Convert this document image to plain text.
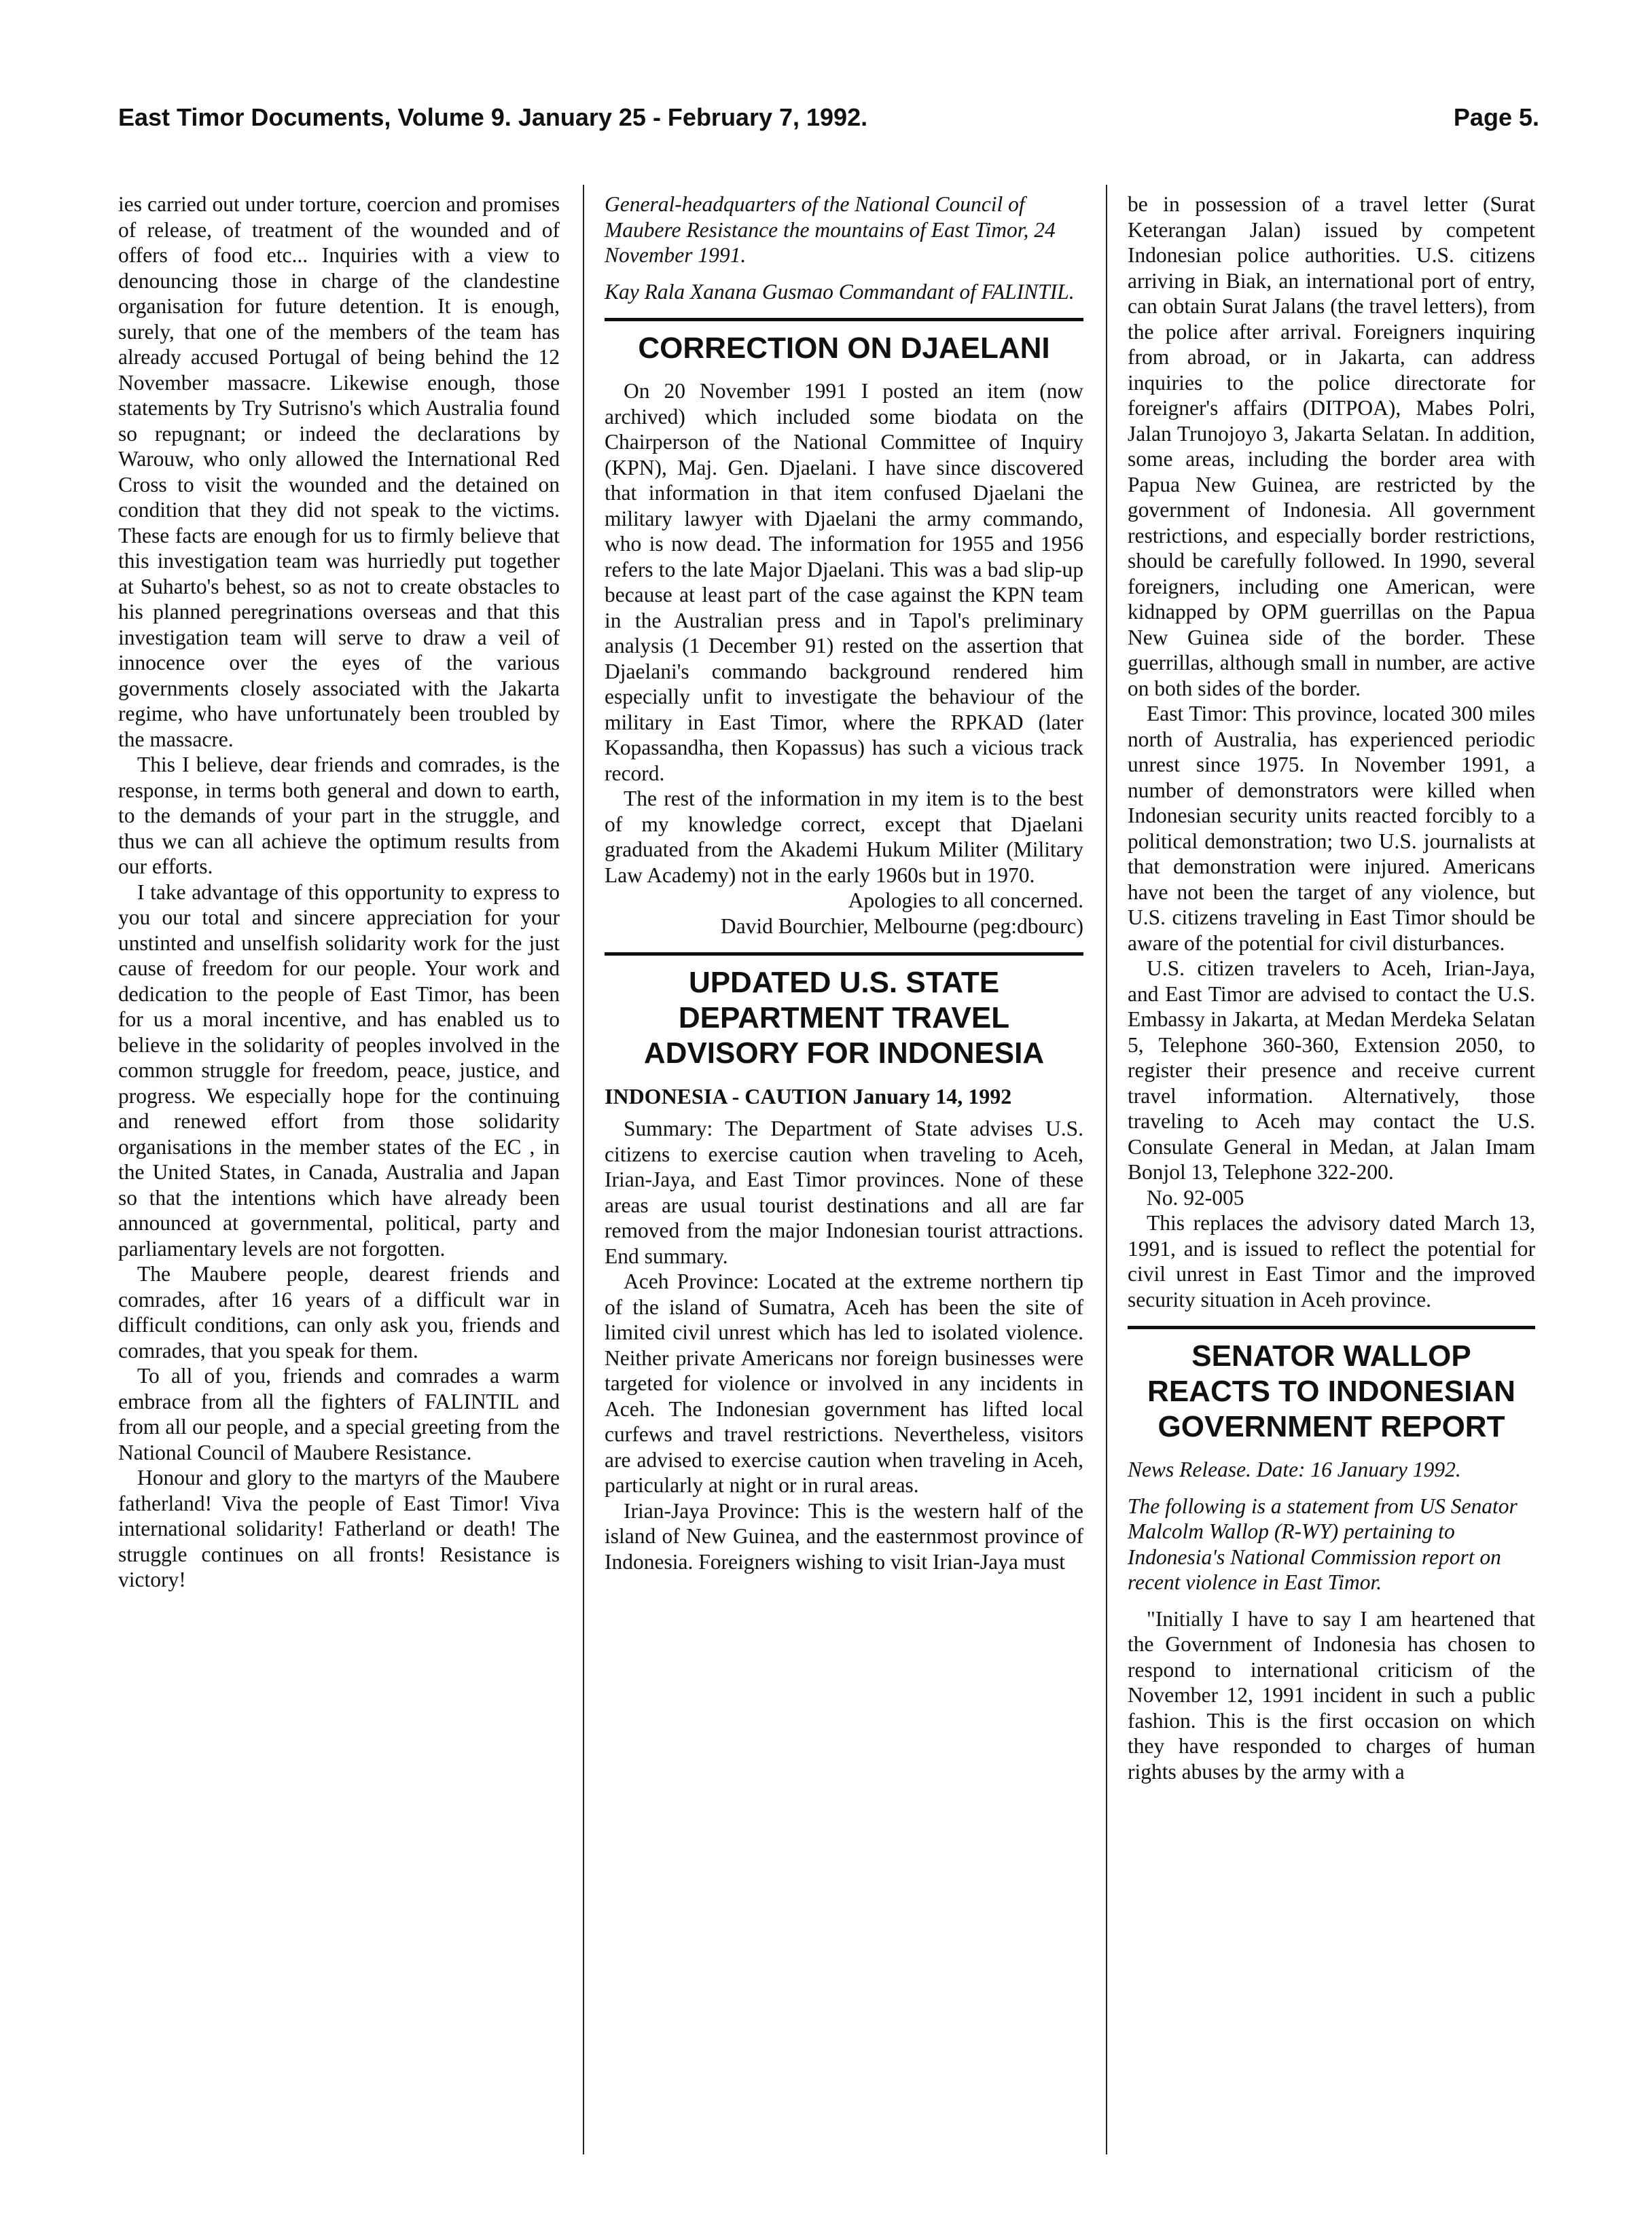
East Timor Documents, Volume 9. January 25 - February 7, 1992.	Page 5.

ies carried out under torture, coercion and promises of release, of treatment of the wounded and of offers of food etc... Inquiries with a view to denouncing those in charge of the clandestine organisation for future detention. It is enough, surely, that one of the members of the team has already accused Portugal of being behind the 12 November massacre. Likewise enough, those statements by Try Sutrisno's which Australia found so repugnant; or indeed the declarations by Warouw, who only allowed the International Red Cross to visit the wounded and the detained on condition that they did not speak to the victims. These facts are enough for us to firmly believe that this investigation team was hurriedly put together at Suharto's behest, so as not to create obstacles to his planned peregrinations overseas and that this investigation team will serve to draw a veil of innocence over the eyes of the various governments closely associated with the Jakarta regime, who have unfortunately been troubled by the massacre.

This I believe, dear friends and comrades, is the response, in terms both general and down to earth, to the demands of your part in the struggle, and thus we can all achieve the optimum results from our efforts.

I take advantage of this opportunity to express to you our total and sincere appreciation for your unstinted and unselfish solidarity work for the just cause of freedom for our people. Your work and dedication to the people of East Timor, has been for us a moral incentive, and has enabled us to believe in the solidarity of peoples involved in the common struggle for freedom, peace, justice, and progress. We especially hope for the continuing and renewed effort from those solidarity organisations in the member states of the EC , in the United States, in Canada, Australia and Japan so that the intentions which have already been announced at governmental, political, party and parliamentary levels are not forgotten.

The Maubere people, dearest friends and comrades, after 16 years of a difficult war in difficult conditions, can only ask you, friends and comrades, that you speak for them.

To all of you, friends and comrades a warm embrace from all the fighters of FALINTIL and from all our people, and a special greeting from the National Council of Maubere Resistance.

Honour and glory to the martyrs of the Maubere fatherland! Viva the people of East Timor! Viva international solidarity! Fatherland or death! The struggle continues on all fronts! Resistance is victory!

General-headquarters of the National Council of Maubere Resistance the mountains of East Timor, 24 November 1991.

Kay Rala Xanana Gusmao Commandant of FALINTIL.

CORRECTION ON DJAELANI

On 20 November 1991 I posted an item (now archived) which included some biodata on the Chairperson of the National Committee of Inquiry (KPN), Maj. Gen. Djaelani. I have since discovered that information in that item confused Djaelani the military lawyer with Djaelani the army commando, who is now dead. The information for 1955 and 1956 refers to the late Major Djaelani. This was a bad slip-up because at least part of the case against the KPN team in the Australian press and in Tapol's preliminary analysis (1 December 91) rested on the assertion that Djaelani's commando background rendered him especially unfit to investigate the behaviour of the military in East Timor, where the RPKAD (later Kopassandha, then Kopassus) has such a vicious track record.

The rest of the information in my item is to the best of my knowledge correct, except that Djaelani graduated from the Akademi Hukum Militer (Military Law Academy) not in the early 1960s but in 1970.

Apologies to all concerned.

David Bourchier, Melbourne (peg:dbourc)

UPDATED U.S. STATE DEPARTMENT TRAVEL ADVISORY FOR INDONESIA

INDONESIA - CAUTION January 14, 1992

Summary: The Department of State advises U.S. citizens to exercise caution when traveling to Aceh, Irian-Jaya, and East Timor provinces. None of these areas are usual tourist destinations and all are far removed from the major Indonesian tourist attractions. End summary.

Aceh Province: Located at the extreme northern tip of the island of Sumatra, Aceh has been the site of limited civil unrest which has led to isolated violence. Neither private Americans nor foreign businesses were targeted for violence or involved in any incidents in Aceh. The Indonesian government has lifted local curfews and travel restrictions. Nevertheless, visitors are advised to exercise caution when traveling in Aceh, particularly at night or in rural areas.

Irian-Jaya Province: This is the western half of the island of New Guinea, and the easternmost province of Indonesia. Foreigners wishing to visit Irian-Jaya must

be in possession of a travel letter (Surat Keterangan Jalan) issued by competent Indonesian police authorities. U.S. citizens arriving in Biak, an international port of entry, can obtain Surat Jalans (the travel letters), from the police after arrival. Foreigners inquiring from abroad, or in Jakarta, can address inquiries to the police directorate for foreigner's affairs (DITPOA), Mabes Polri, Jalan Trunojoyo 3, Jakarta Selatan. In addition, some areas, including the border area with Papua New Guinea, are restricted by the government of Indonesia. All government restrictions, and especially border restrictions, should be carefully followed. In 1990, several foreigners, including one American, were kidnapped by OPM guerrillas on the Papua New Guinea side of the border. These guerrillas, although small in number, are active on both sides of the border.

East Timor: This province, located 300 miles north of Australia, has experienced periodic unrest since 1975. In November 1991, a number of demonstrators were killed when Indonesian security units reacted forcibly to a political demonstration; two U.S. journalists at that demonstration were injured. Americans have not been the target of any violence, but U.S. citizens traveling in East Timor should be aware of the potential for civil disturbances.

U.S. citizen travelers to Aceh, Irian-Jaya, and East Timor are advised to contact the U.S. Embassy in Jakarta, at Medan Merdeka Selatan 5, Telephone 360-360, Extension 2050, to register their presence and receive current travel information. Alternatively, those traveling to Aceh may contact the U.S. Consulate General in Medan, at Jalan Imam Bonjol 13, Telephone 322-200.

No. 92-005

This replaces the advisory dated March 13, 1991, and is issued to reflect the potential for civil unrest in East Timor and the improved security situation in Aceh province.

SENATOR WALLOP REACTS TO INDONESIAN GOVERNMENT REPORT

News Release. Date: 16 January 1992.

The following is a statement from US Senator Malcolm Wallop (R-WY) pertaining to Indonesia's National Commission report on recent violence in East Timor.

"Initially I have to say I am heartened that the Government of Indonesia has chosen to respond to international criticism of the November 12, 1991 incident in such a public fashion. This is the first occasion on which they have responded to charges of human rights abuses by the army with a
